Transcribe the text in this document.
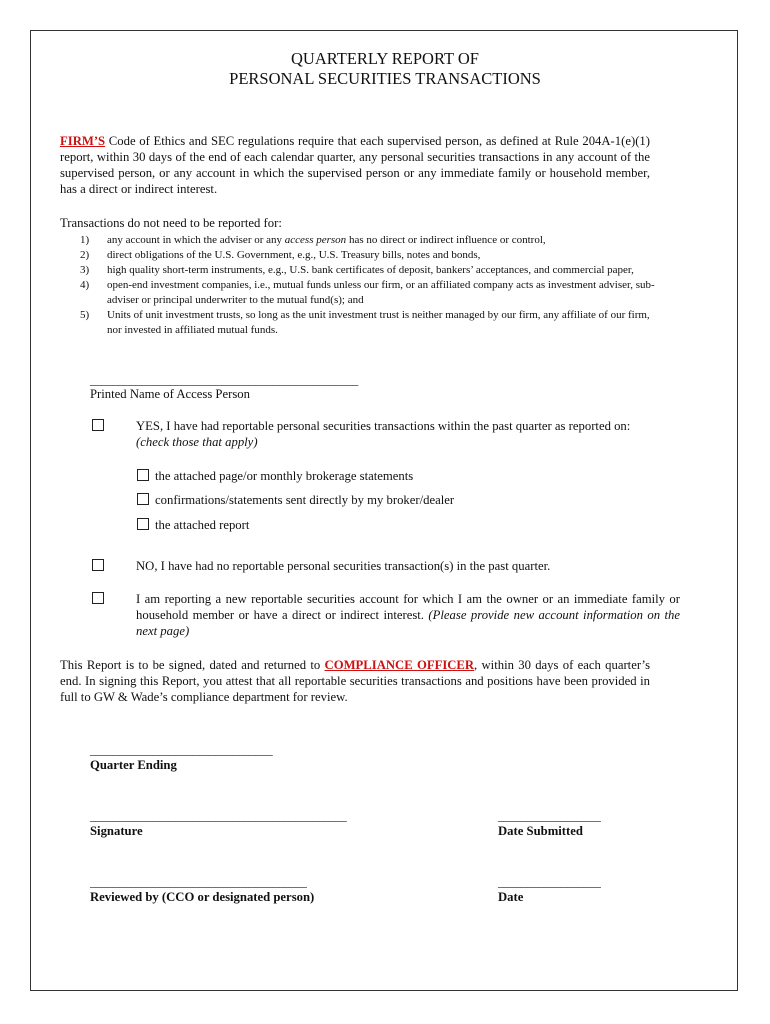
QUARTERLY REPORT OF
PERSONAL SECURITIES TRANSACTIONS
FIRM’S Code of Ethics and SEC regulations require that each supervised person, as defined at Rule 204A-1(e)(1) report, within 30 days of the end of each calendar quarter, any personal securities transactions in any account of the supervised person, or any account in which the supervised person or any immediate family or household member, has a direct or indirect interest.
Transactions do not need to be reported for:
1) any account in which the adviser or any access person has no direct or indirect influence or control,
2) direct obligations of the U.S. Government, e.g., U.S. Treasury bills, notes and bonds,
3) high quality short-term instruments, e.g., U.S. bank certificates of deposit, bankers’ acceptances, and commercial paper,
4) open-end investment companies, i.e., mutual funds unless our firm, or an affiliated company acts as investment adviser, sub-adviser or principal underwriter to the mutual fund(s); and
5) Units of unit investment trusts, so long as the unit investment trust is neither managed by our firm, any affiliate of our firm, nor invested in affiliated mutual funds.
_______________________________________________
Printed Name of Access Person
YES, I have had reportable personal securities transactions within the past quarter as reported on:
(check those that apply)
the attached page/or monthly brokerage statements
confirmations/statements sent directly by my broker/dealer
the attached report
NO, I have had no reportable personal securities transaction(s) in the past quarter.
I am reporting a new reportable securities account for which I am the owner or an immediate family or household member or have a direct or indirect interest. (Please provide new account information on the next page)
This Report is to be signed, dated and returned to COMPLIANCE OFFICER, within 30 days of each quarter’s end. In signing this Report, you attest that all reportable securities transactions and positions have been provided in full to GW & Wade’s compliance department for review.
________________________________
Quarter Ending
_____________________________________________
Signature
__________________
Date Submitted
______________________________________
Reviewed by (CCO or designated person)
__________________
Date
